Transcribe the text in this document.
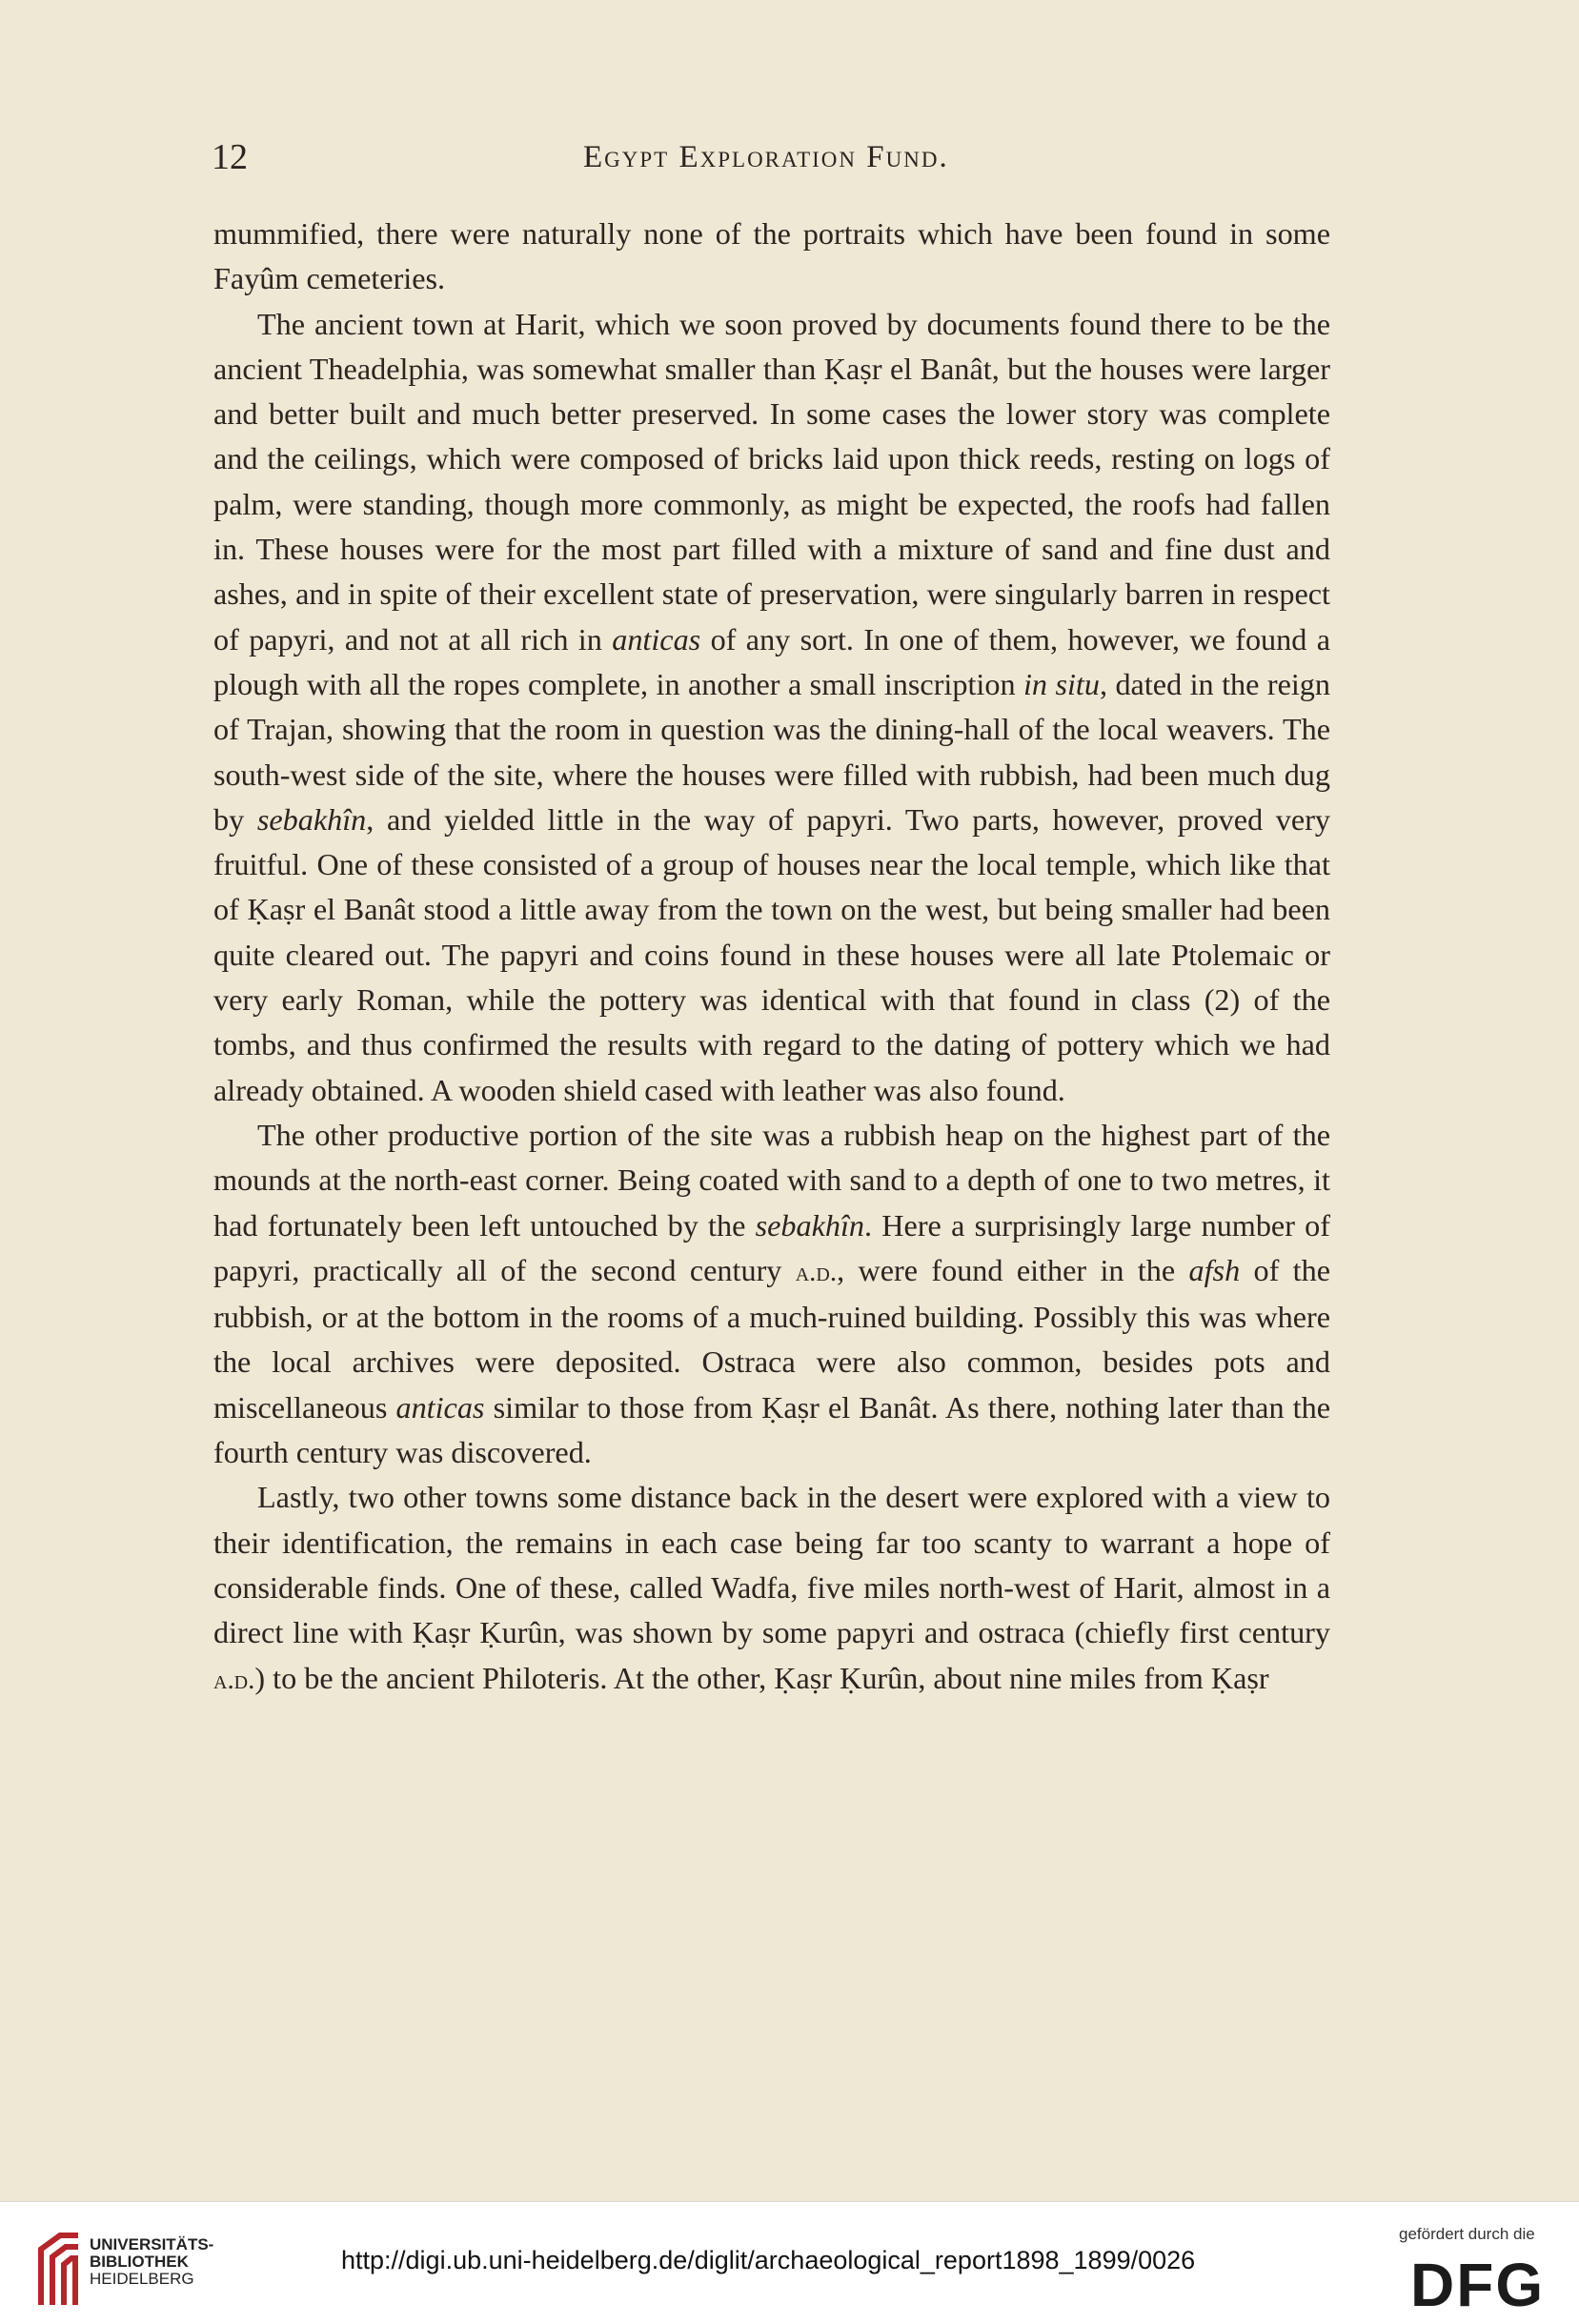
12	Egypt Exploration Fund.

mummified, there were naturally none of the portraits which have been found in some Fayûm cemeteries.

The ancient town at Harit, which we soon proved by documents found there to be the ancient Theadelphia, was somewhat smaller than Ḳaṣr el Banât, but the houses were larger and better built and much better preserved. In some cases the lower story was complete and the ceilings, which were composed of bricks laid upon thick reeds, resting on logs of palm, were standing, though more commonly, as might be expected, the roofs had fallen in. These houses were for the most part filled with a mixture of sand and fine dust and ashes, and in spite of their excellent state of preservation, were singularly barren in respect of papyri, and not at all rich in anticas of any sort. In one of them, however, we found a plough with all the ropes complete, in another a small inscription in situ, dated in the reign of Trajan, showing that the room in question was the dining-hall of the local weavers. The south-west side of the site, where the houses were filled with rubbish, had been much dug by sebakhîn, and yielded little in the way of papyri. Two parts, however, proved very fruitful. One of these consisted of a group of houses near the local temple, which like that of Ḳaṣr el Banât stood a little away from the town on the west, but being smaller had been quite cleared out. The papyri and coins found in these houses were all late Ptolemaic or very early Roman, while the pottery was identical with that found in class (2) of the tombs, and thus confirmed the results with regard to the dating of pottery which we had already obtained. A wooden shield cased with leather was also found.

The other productive portion of the site was a rubbish heap on the highest part of the mounds at the north-east corner. Being coated with sand to a depth of one to two metres, it had fortunately been left untouched by the sebakhîn. Here a surprisingly large number of papyri, practically all of the second century a.d., were found either in the afsh of the rubbish, or at the bottom in the rooms of a much-ruined building. Possibly this was where the local archives were deposited. Ostraca were also common, besides pots and miscellaneous anticas similar to those from Ḳaṣr el Banât. As there, nothing later than the fourth century was discovered.

Lastly, two other towns some distance back in the desert were explored with a view to their identification, the remains in each case being far too scanty to warrant a hope of considerable finds. One of these, called Wadfa, five miles north-west of Harit, almost in a direct line with Ḳaṣr Ḳurûn, was shown by some papyri and ostraca (chiefly first century a.d.) to be the ancient Philoteris. At the other, Ḳaṣr Ḳurûn, about nine miles from Ḳaṣr

UNIVERSITÄTS-
BIBLIOTHEK
HEIDELBERG
http://digi.ub.uni-heidelberg.de/diglit/archaeological_report1898_1899/0026
gefördert durch die
DFG
